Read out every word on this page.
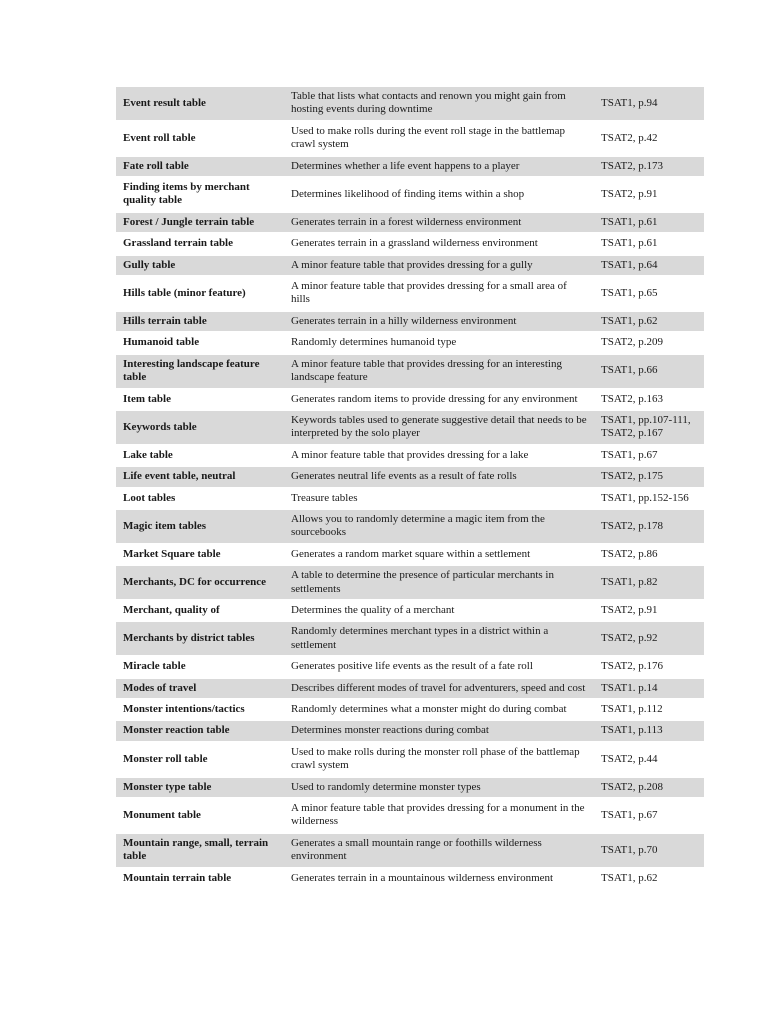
Event result table	Table that lists what contacts and renown you might gain from hosting events during downtime	TSAT1, p.94
Event roll table	Used to make rolls during the event roll stage in the battlemap crawl system	TSAT2, p.42
Fate roll table	Determines whether a life event happens to a player	TSAT2, p.173
Finding items by merchant quality table	Determines likelihood of finding items within a shop	TSAT2, p.91
Forest / Jungle terrain table	Generates terrain in a forest wilderness environment	TSAT1, p.61
Grassland terrain table	Generates terrain in a grassland wilderness environment	TSAT1, p.61
Gully table	A minor feature table that provides dressing for a gully	TSAT1, p.64
Hills table (minor feature)	A minor feature table that provides dressing for a small area of hills	TSAT1, p.65
Hills terrain table	Generates terrain in a hilly wilderness environment	TSAT1, p.62
Humanoid table	Randomly determines humanoid type	TSAT2, p.209
Interesting landscape feature table	A minor feature table that provides dressing for an interesting landscape feature	TSAT1, p.66
Item table	Generates random items to provide dressing for any environment	TSAT2, p.163
Keywords table	Keywords tables used to generate suggestive detail that needs to be interpreted by the solo player	TSAT1, pp.107-111, TSAT2, p.167
Lake table	A minor feature table that provides dressing for a lake	TSAT1, p.67
Life event table, neutral	Generates neutral life events as a result of fate rolls	TSAT2, p.175
Loot tables	Treasure tables	TSAT1, pp.152-156
Magic item tables	Allows you to randomly determine a magic item from the sourcebooks	TSAT2, p.178
Market Square table	Generates a random market square within a settlement	TSAT2, p.86
Merchants, DC for occurrence	A table to determine the presence of particular merchants in settlements	TSAT1, p.82
Merchant, quality of	Determines the quality of a merchant	TSAT2, p.91
Merchants by district tables	Randomly determines merchant types in a district within a settlement	TSAT2, p.92
Miracle table	Generates positive life events as the result of a fate roll	TSAT2, p.176
Modes of travel	Describes different modes of travel for adventurers, speed and cost	TSAT1. p.14
Monster intentions/tactics	Randomly determines what a monster might do during combat	TSAT1, p.112
Monster reaction table	Determines monster reactions during combat	TSAT1, p.113
Monster roll table	Used to make rolls during the monster roll phase of the battlemap crawl system	TSAT2, p.44
Monster type table	Used to randomly determine monster types	TSAT2, p.208
Monument table	A minor feature table that provides dressing for a monument in the wilderness	TSAT1, p.67
Mountain range, small, terrain table	Generates a small mountain range or foothills wilderness environment	TSAT1, p.70
Mountain terrain table	Generates terrain in a mountainous wilderness environment	TSAT1, p.62
